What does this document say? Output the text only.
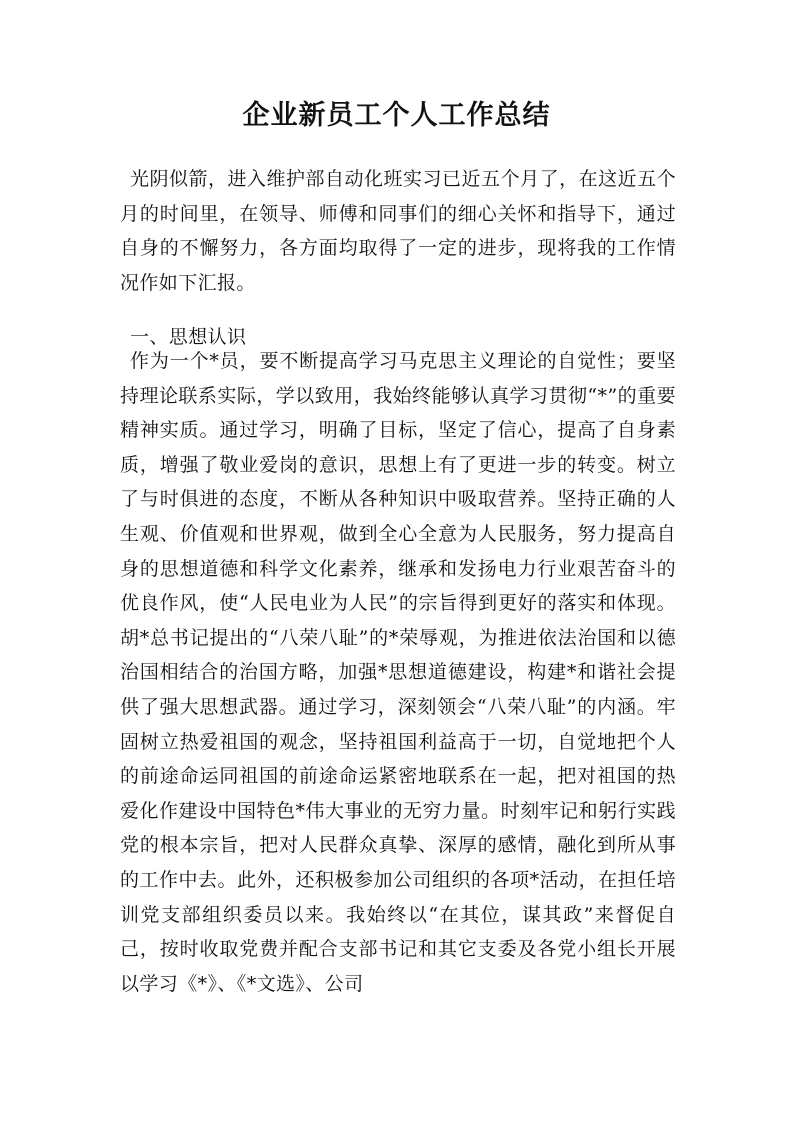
企业新员工个人工作总结
光阴似箭，进入维护部自动化班实习已近五个月了，在这近五个月的时间里，在领导、师傅和同事们的细心关怀和指导下，通过自身的不懈努力，各方面均取得了一定的进步，现将我的工作情况作如下汇报。
一、思想认识
作为一个*员，要不断提高学习马克思主义理论的自觉性；要坚持理论联系实际，学以致用，我始终能够认真学习贯彻“*”的重要精神实质。通过学习，明确了目标，坚定了信心，提高了自身素质，增强了敬业爱岗的意识，思想上有了更进一步的转变。树立了与时俱进的态度，不断从各种知识中吸取营养。坚持正确的人生观、价值观和世界观，做到全心全意为人民服务，努力提高自身的思想道德和科学文化素养，继承和发扬电力行业艰苦奋斗的优良作风，使“人民电业为人民”的宗旨得到更好的落实和体现。胡*总书记提出的“八荣八耻”的*荣辱观，为推进依法治国和以德治国相结合的治国方略，加强*思想道德建设，构建*和谐社会提供了强大思想武器。通过学习，深刻领会“八荣八耻”的内涵。牢固树立热爱祖国的观念，坚持祖国利益高于一切，自觉地把个人的前途命运同祖国的前途命运紧密地联系在一起，把对祖国的热爱化作建设中国特色*伟大事业的无穷力量。时刻牢记和躬行实践党的根本宗旨，把对人民群众真挚、深厚的感情，融化到所从事的工作中去。此外，还积极参加公司组织的各项*活动，在担任培训党支部组织委员以来。我始终以“在其位，谋其政”来督促自己，按时收取党费并配合支部书记和其它支委及各党小组长开展以学习《*》、《*文选》、公司
